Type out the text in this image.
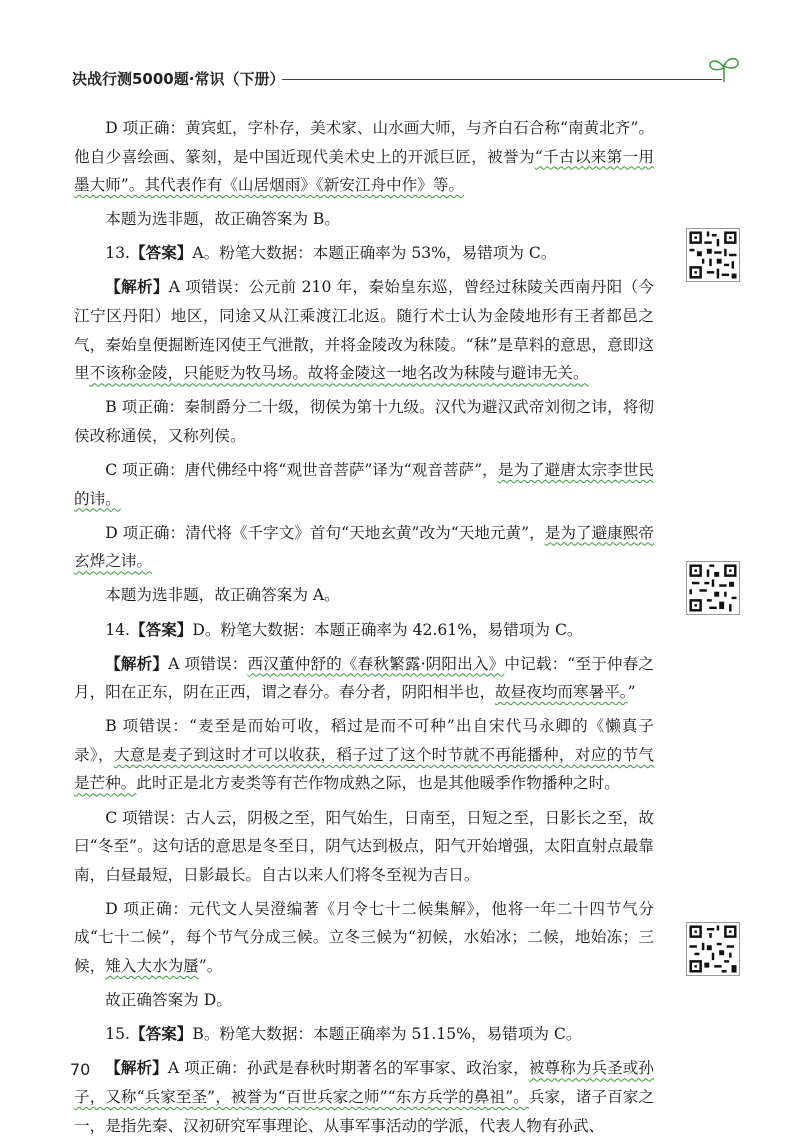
决战行测5000题·常识（下册）

D 项正确：黄宾虹，字朴存，美术家、山水画大师，与齐白石合称“南黄北齐”。他自少喜绘画、篆刻，是中国近现代美术史上的开派巨匠，被誉为“千古以来第一用墨大师”。其代表作有《山居烟雨》《新安江舟中作》等。

本题为选非题，故正确答案为 B。

13.【答案】A。粉笔大数据：本题正确率为 53%，易错项为 C。

【解析】A 项错误：公元前 210 年，秦始皇东巡，曾经过秣陵关西南丹阳（今江宁区丹阳）地区，同途又从江乘渡江北返。随行术士认为金陵地形有王者都邑之气，秦始皇便掘断连冈使王气泄散，并将金陵改为秣陵。“秣”是草料的意思，意即这里不该称金陵，只能贬为牧马场。故将金陵这一地名改为秣陵与避讳无关。

B 项正确：秦制爵分二十级，彻侯为第十九级。汉代为避汉武帝刘彻之讳，将彻侯改称通侯，又称列侯。

C 项正确：唐代佛经中将“观世音菩萨”译为“观音菩萨”，是为了避唐太宗李世民的讳。

D 项正确：清代将《千字文》首句“天地玄黄”改为“天地元黄”，是为了避康熙帝玄烨之讳。

本题为选非题，故正确答案为 A。

14.【答案】D。粉笔大数据：本题正确率为 42.61%，易错项为 C。

【解析】A 项错误：西汉董仲舒的《春秋繁露·阴阳出入》中记载：“至于仲春之月，阳在正东，阴在正西，谓之春分。春分者，阴阳相半也，故昼夜均而寒暑平。”

B 项错误：“麦至是而始可收，稻过是而不可种”出自宋代马永卿的《懒真子录》，大意是麦子到这时才可以收获，稻子过了这个时节就不再能播种，对应的节气是芒种。此时正是北方麦类等有芒作物成熟之际，也是其他暖季作物播种之时。

C 项错误：古人云，阴极之至，阳气始生，日南至，日短之至，日影长之至，故曰“冬至”。这句话的意思是冬至日，阴气达到极点，阳气开始增强，太阳直射点最靠南，白昼最短，日影最长。自古以来人们将冬至视为吉日。

D 项正确：元代文人吴澄编著《月令七十二候集解》，他将一年二十四节气分成“七十二候”，每个节气分成三候。立冬三候为“初候，水始冰；二候，地始冻；三候，雉入大水为蜃”。

故正确答案为 D。

15.【答案】B。粉笔大数据：本题正确率为 51.15%，易错项为 C。

【解析】A 项正确：孙武是春秋时期著名的军事家、政治家，被尊称为兵圣或孙子，又称“兵家至圣”，被誉为“百世兵家之师”“东方兵学的鼻祖”。兵家，诸子百家之一，是指先秦、汉初研究军事理论、从事军事活动的学派，代表人物有孙武、

70
